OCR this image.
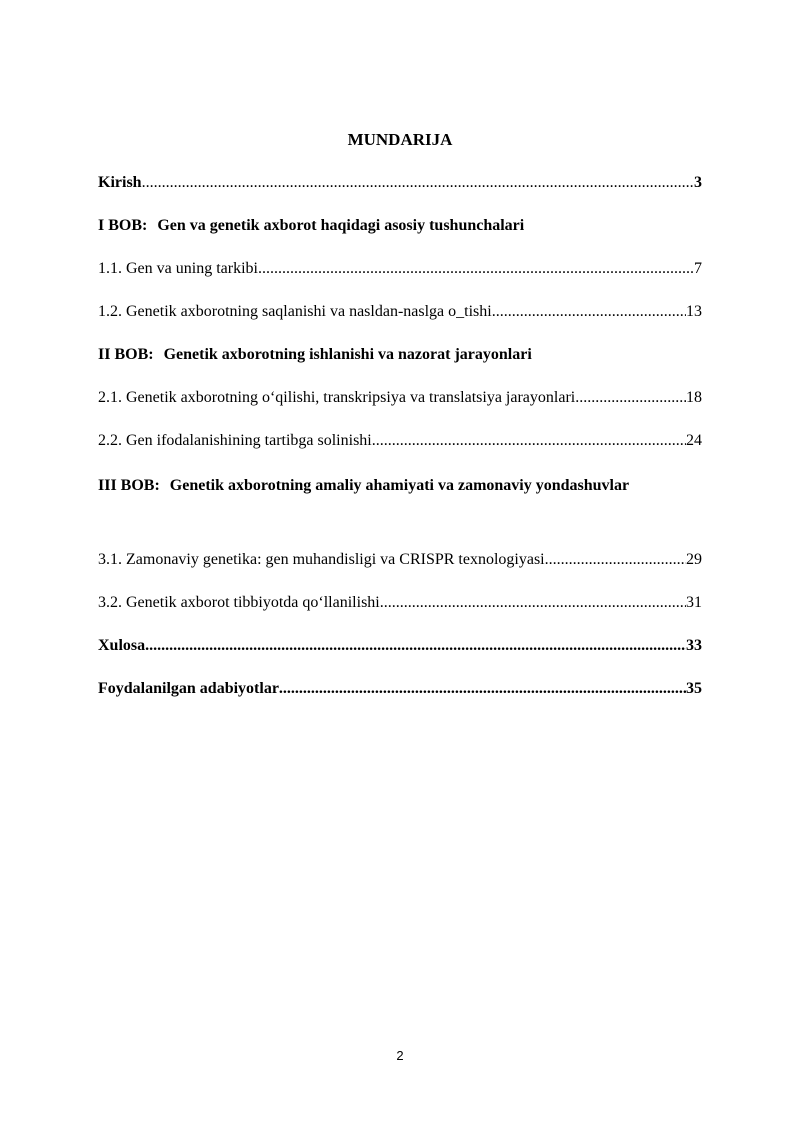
MUNDARIJA
Kirish .....	3
I BOB: Gen va genetik axborot haqidagi asosiy tushunchalari
1.1. Gen va uning tarkibi .....	7
1.2. Genetik axborotning saqlanishi va nasldan-naslga o_tishi .....	13
II BOB: Genetik axborotning ishlanishi va nazorat jarayonlari
2.1. Genetik axborotning o‘qilishi, transkripsiya va translatsiya jarayonlari .....	18
2.2. Gen ifodalanishining tartibga solinishi .....	24
III BOB: Genetik axborotning amaliy ahamiyati va zamonaviy yondashuvlar
3.1. Zamonaviy genetika: gen muhandisligi va CRISPR texnologiyasi .....	29
3.2. Genetik axborot tibbiyotda qo‘llanilishi .....	31
Xulosa .....	33
Foydalanilgan adabiyotlar .....	35
2
